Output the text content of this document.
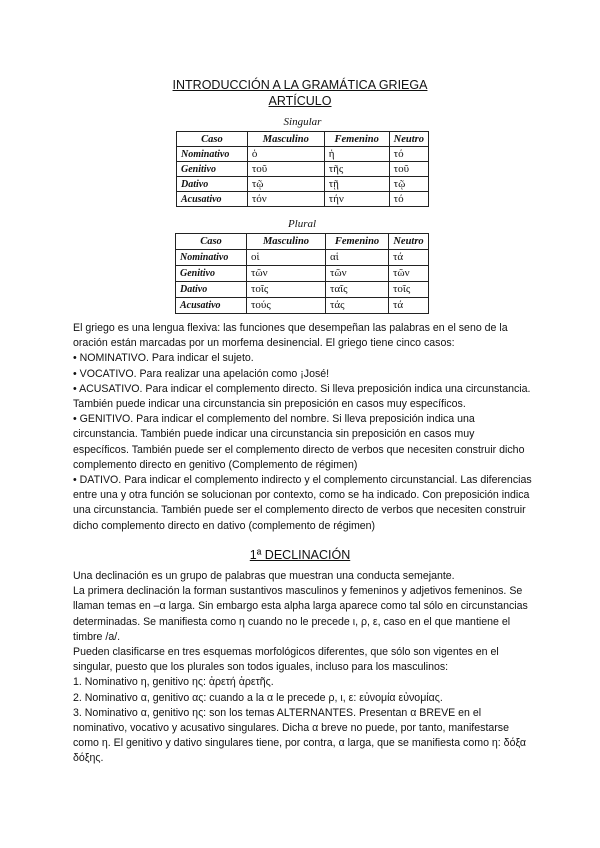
INTRODUCCIÓN A LA GRAMÁTICA GRIEGA
ARTÍCULO
Singular
Caso	Masculino	Femenino	Neutro
Nominativo	ὁ	ἡ	τό
Genitivo	τοῦ	τῆς	τοῦ
Dativo	τῷ	τῇ	τῷ
Acusativo	τόν	τήν	τό
Plural
Caso	Masculino	Femenino	Neutro
Nominativo	οἱ	αἱ	τά
Genitivo	τῶν	τῶν	τῶν
Dativo	τοῖς	ταῖς	τοῖς
Acusativo	τούς	τάς	τά

El griego es una lengua flexiva: las funciones que desempeñan las palabras en el seno de la oración están marcadas por un morfema desinencial. El griego tiene cinco casos:

• NOMINATIVO. Para indicar el sujeto.

• VOCATIVO. Para realizar una apelación como ¡José!

• ACUSATIVO. Para indicar el complemento directo. Si lleva preposición indica una circunstancia. También puede indicar una circunstancia sin preposición en casos muy específicos.

• GENITIVO. Para indicar el complemento del nombre. Si lleva preposición indica una circunstancia. También puede indicar una circunstancia sin preposición en casos muy específicos. También puede ser el complemento directo de verbos que necesiten construir dicho complemento directo en genitivo (Complemento de régimen)

• DATIVO. Para indicar el complemento indirecto y el complemento circunstancial. Las diferencias entre una y otra función se solucionan por contexto, como se ha indicado. Con preposición indica una circunstancia. También puede ser el complemento directo de verbos que necesiten construir dicho complemento directo en dativo (complemento de régimen)

1ª DECLINACIÓN

Una declinación es un grupo de palabras que muestran una conducta semejante.

La primera declinación la forman sustantivos masculinos y femeninos y adjetivos femeninos. Se llaman temas en –α larga. Sin embargo esta alpha larga aparece como tal sólo en circunstancias determinadas. Se manifiesta como η cuando no le precede ι, ρ, ε, caso en el que mantiene el timbre /a/.

Pueden clasificarse en tres esquemas morfológicos diferentes, que sólo son vigentes en el singular, puesto que los plurales son todos iguales, incluso para los masculinos:

1. Nominativo η, genitivo ης: ἀρετή ἀρετῆς.

2. Nominativo α, genitivo ας: cuando a la α le precede ρ, ι, ε: εὐνομία εὐνομίας.

3. Nominativo α, genitivo ης: son los temas ALTERNANTES. Presentan α BREVE en el nominativo, vocativo y acusativo singulares. Dicha α breve no puede, por tanto, manifestarse como η. El genitivo y dativo singulares tiene, por contra, α larga, que se manifiesta como η: δόξα δόξης.
